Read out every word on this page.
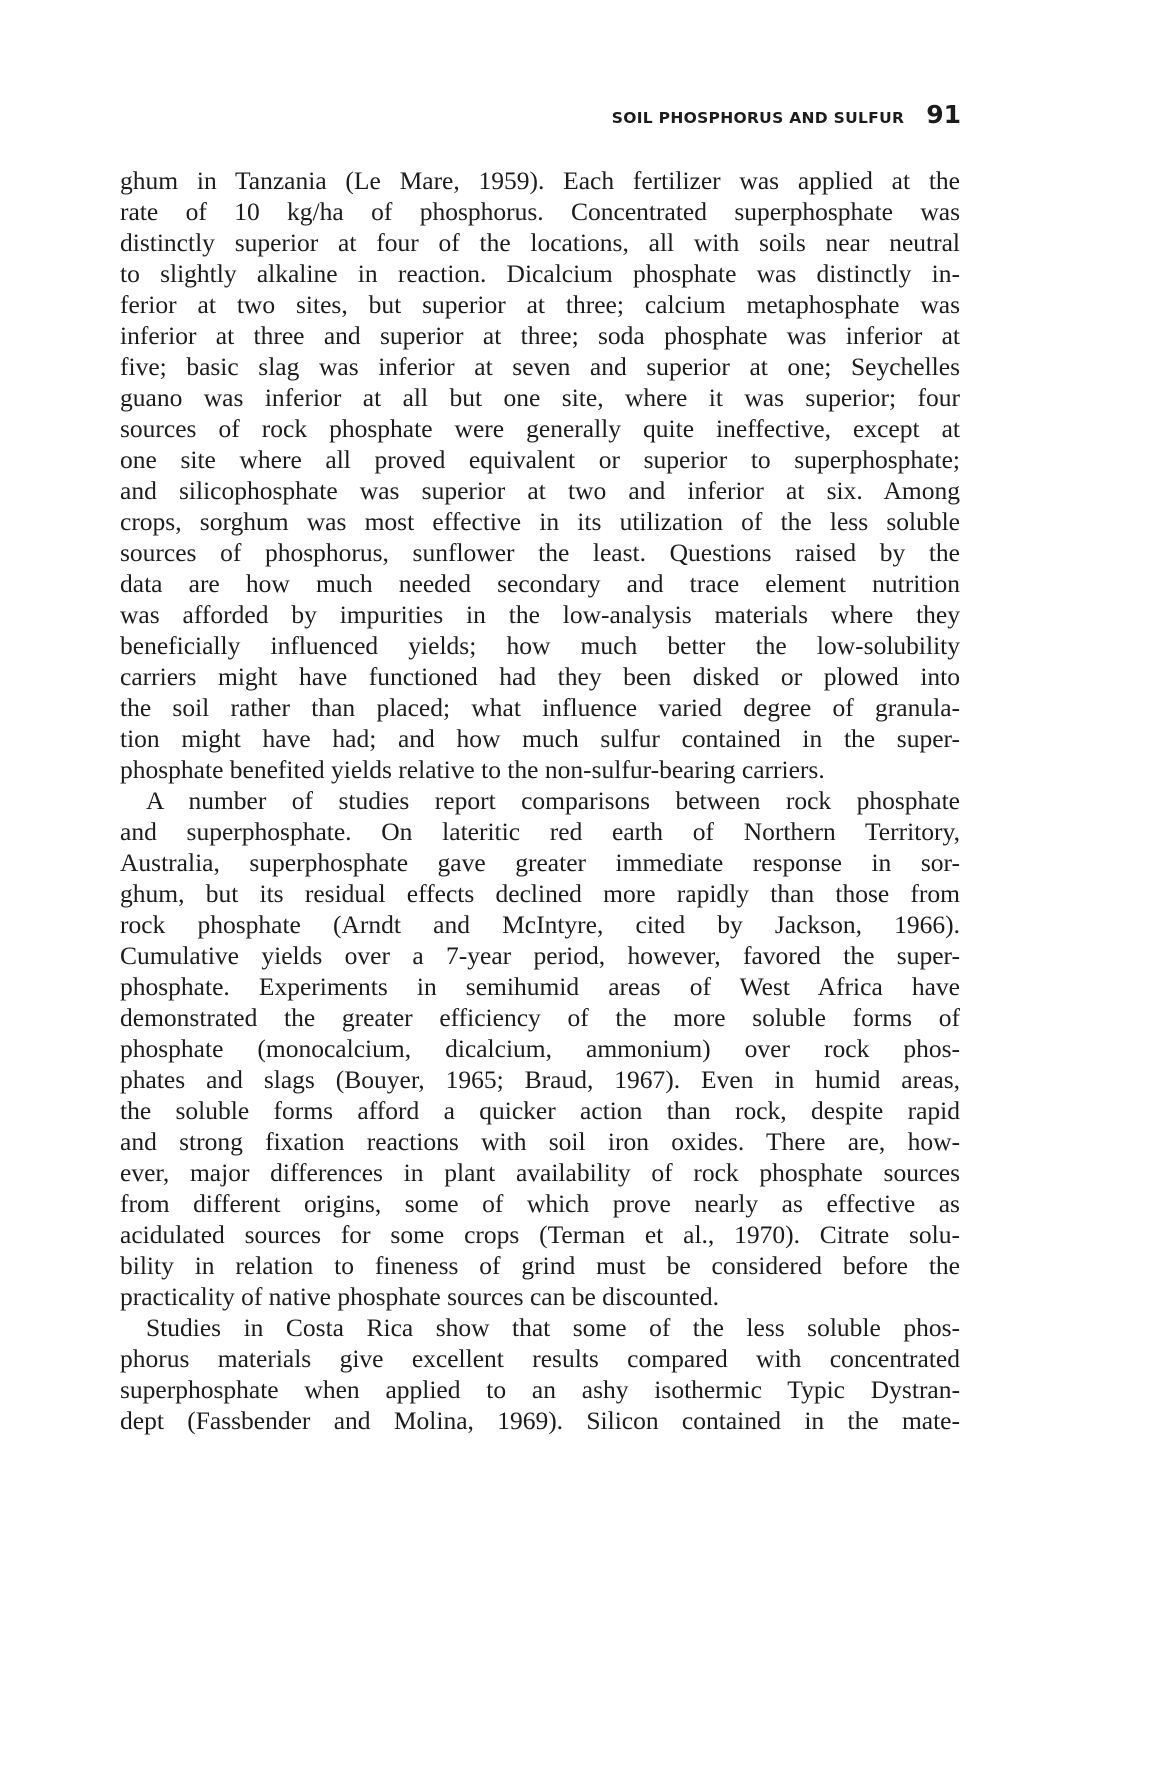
SOIL PHOSPHORUS AND SULFUR 91
ghum in Tanzania (Le Mare, 1959). Each fertilizer was applied at the
rate of 10 kg/ha of phosphorus. Concentrated superphosphate was
distinctly superior at four of the locations, all with soils near neutral
to slightly alkaline in reaction. Dicalcium phosphate was distinctly in-
ferior at two sites, but superior at three; calcium metaphosphate was
inferior at three and superior at three; soda phosphate was inferior at
five; basic slag was inferior at seven and superior at one; Seychelles
guano was inferior at all but one site, where it was superior; four
sources of rock phosphate were generally quite ineffective, except at
one site where all proved equivalent or superior to superphosphate;
and silicophosphate was superior at two and inferior at six. Among
crops, sorghum was most effective in its utilization of the less soluble
sources of phosphorus, sunflower the least. Questions raised by the
data are how much needed secondary and trace element nutrition
was afforded by impurities in the low-analysis materials where they
beneficially influenced yields; how much better the low-solubility
carriers might have functioned had they been disked or plowed into
the soil rather than placed; what influence varied degree of granula-
tion might have had; and how much sulfur contained in the super-
phosphate benefited yields relative to the non-sulfur-bearing carriers.
A number of studies report comparisons between rock phosphate
and superphosphate. On lateritic red earth of Northern Territory,
Australia, superphosphate gave greater immediate response in sor-
ghum, but its residual effects declined more rapidly than those from
rock phosphate (Arndt and McIntyre, cited by Jackson, 1966).
Cumulative yields over a 7-year period, however, favored the super-
phosphate. Experiments in semihumid areas of West Africa have
demonstrated the greater efficiency of the more soluble forms of
phosphate (monocalcium, dicalcium, ammonium) over rock phos-
phates and slags (Bouyer, 1965; Braud, 1967). Even in humid areas,
the soluble forms afford a quicker action than rock, despite rapid
and strong fixation reactions with soil iron oxides. There are, how-
ever, major differences in plant availability of rock phosphate sources
from different origins, some of which prove nearly as effective as
acidulated sources for some crops (Terman et al., 1970). Citrate solu-
bility in relation to fineness of grind must be considered before the
practicality of native phosphate sources can be discounted.
Studies in Costa Rica show that some of the less soluble phos-
phorus materials give excellent results compared with concentrated
superphosphate when applied to an ashy isothermic Typic Dystran-
dept (Fassbender and Molina, 1969). Silicon contained in the mate-
